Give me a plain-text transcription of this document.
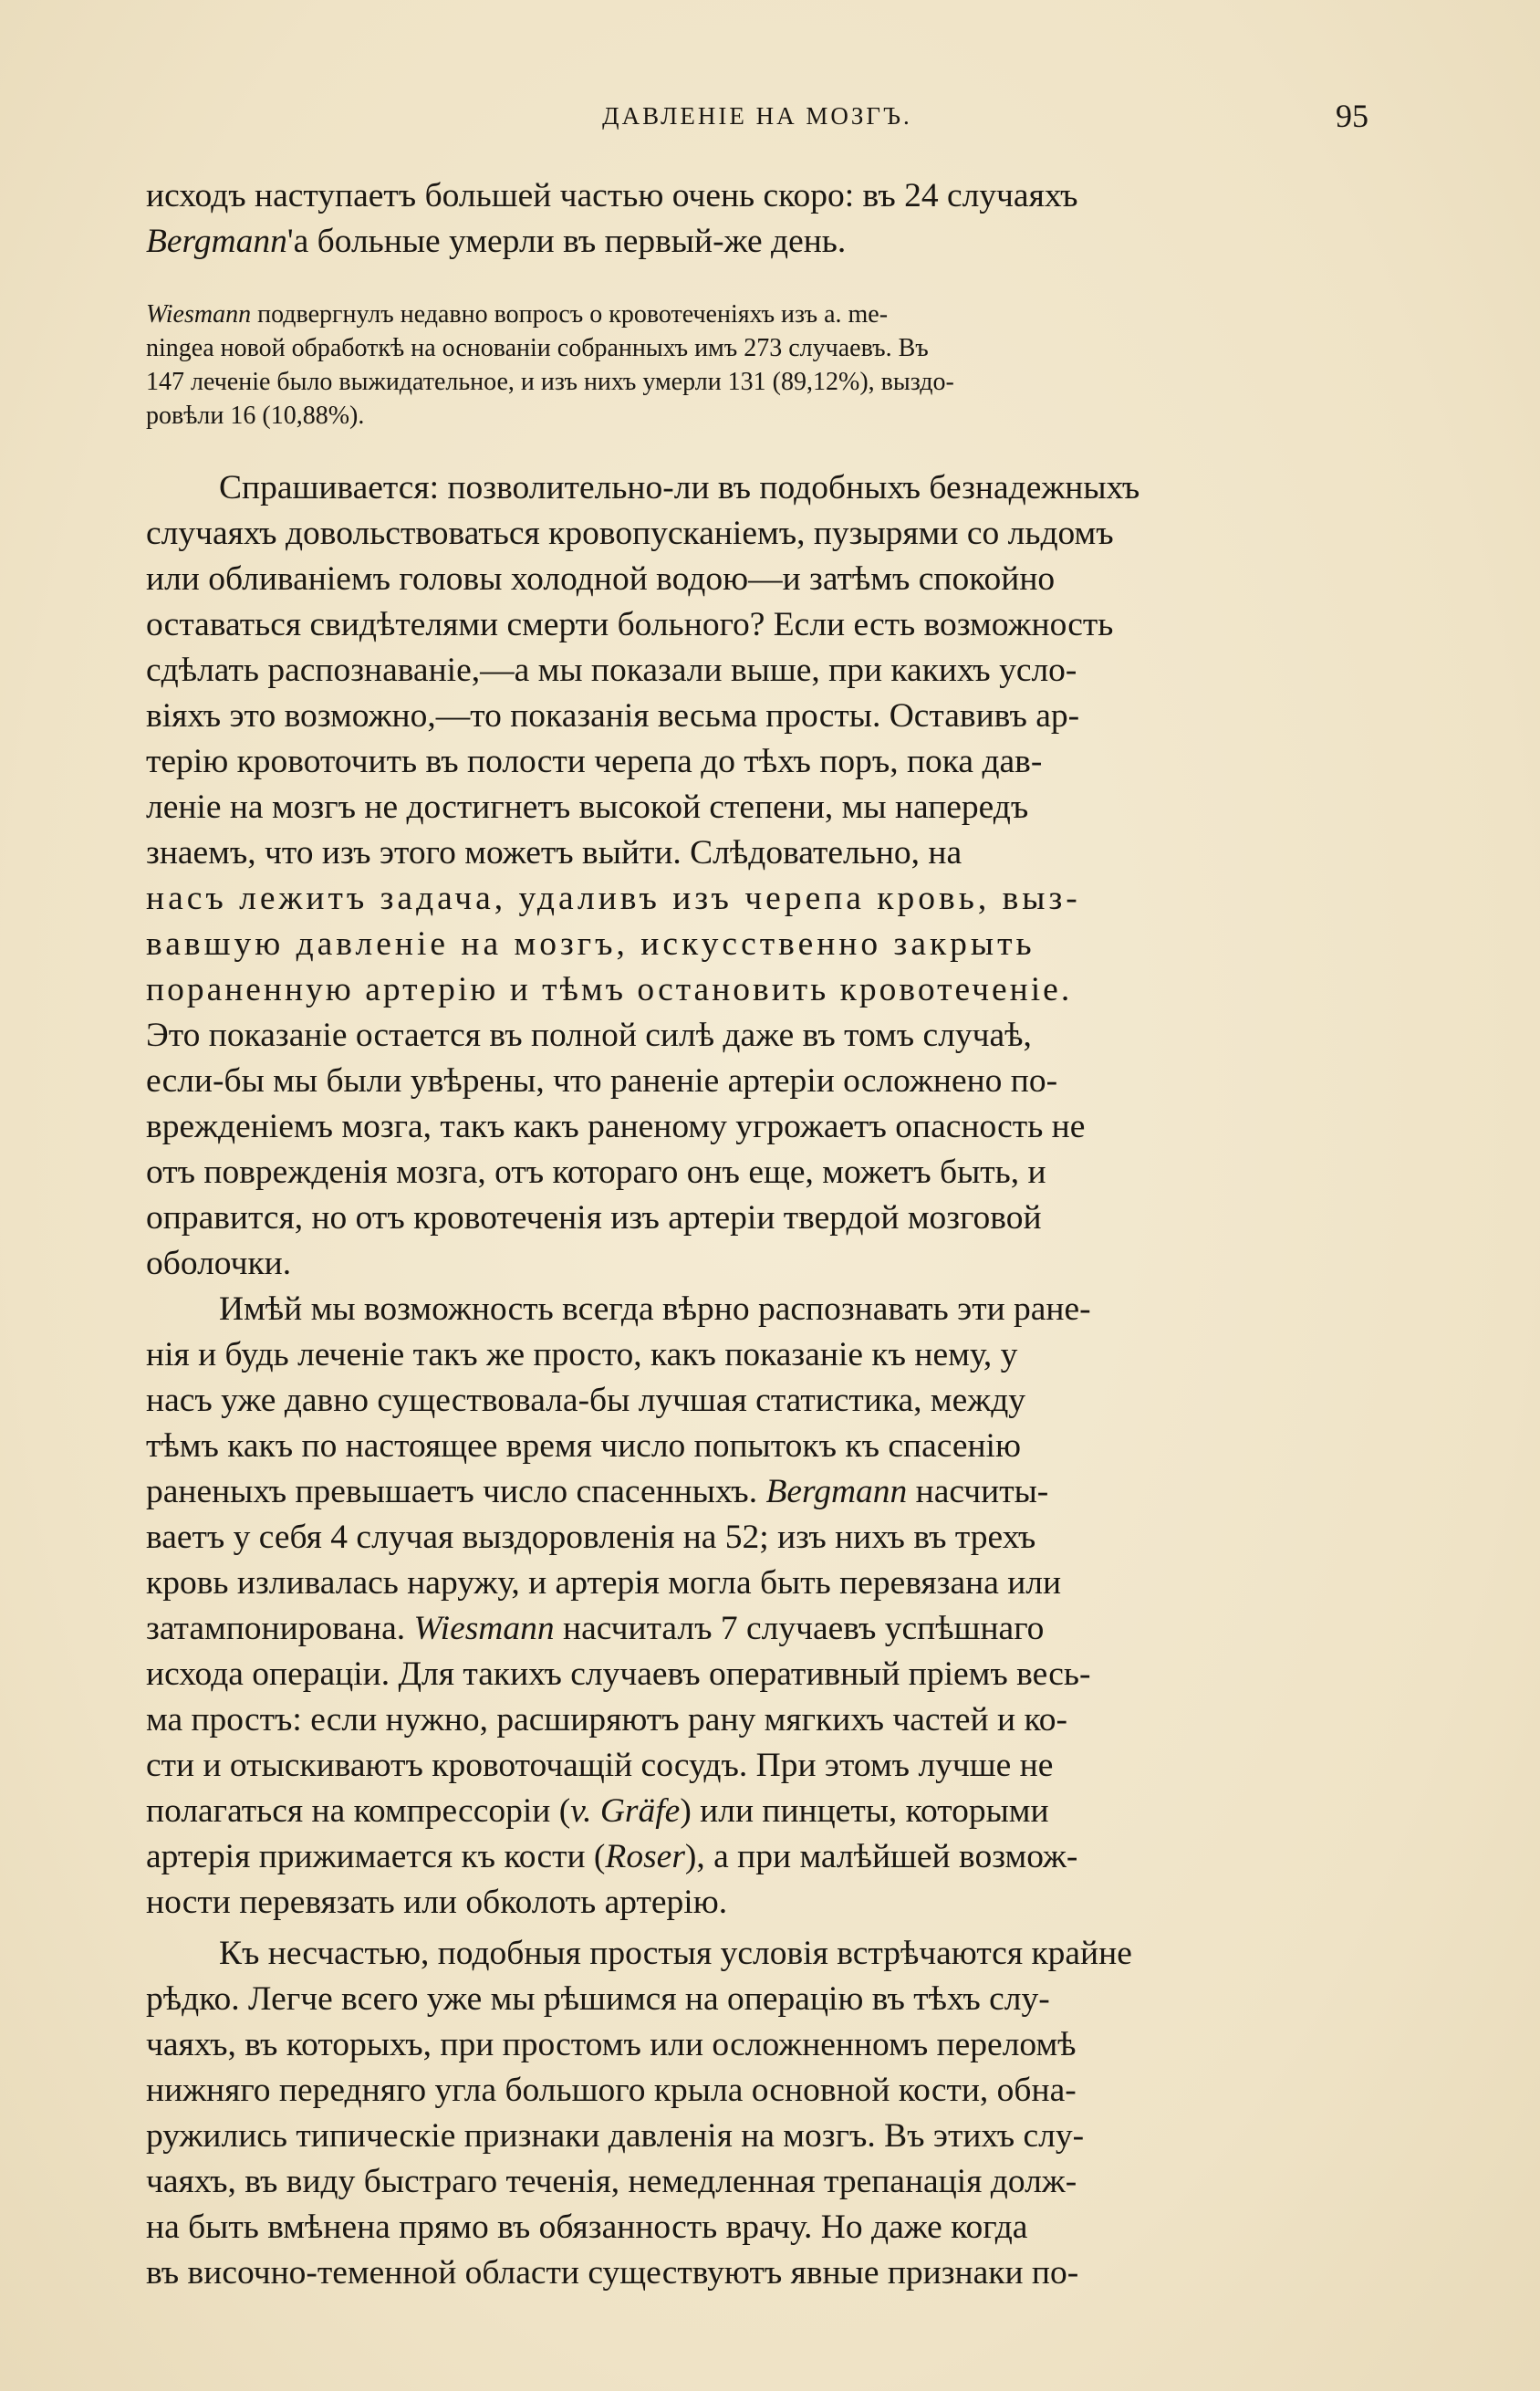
ДАВЛЕНІЕ НА МОЗГЪ.	95

исходъ наступаетъ большей частью очень скоро: въ 24 случаяхъ
Bergmann'а больные умерли въ первый-же день.

Wiesmann подвергнулъ недавно вопросъ о кровотеченіяхъ изъ a. me-
ningea новой обработкѣ на основаніи собранныхъ имъ 273 случаевъ. Въ
147 леченіе было выжидательное, и изъ нихъ умерли 131 (89,12%), выздо-
ровѣли 16 (10,88%).

Спрашивается: позволительно-ли въ подобныхъ безнадежныхъ
случаяхъ довольствоваться кровопусканіемъ, пузырями со льдомъ
или обливаніемъ головы холодной водою—и затѣмъ спокойно
оставаться свидѣтелями смерти больного? Если есть возможность
сдѣлать распознаваніе,—а мы показали выше, при какихъ усло-
віяхъ это возможно,—то показанія весьма просты. Оставивъ ар-
терію кровоточить въ полости черепа до тѣхъ поръ, пока дав-
леніе на мозгъ не достигнетъ высокой степени, мы напередъ
знаемъ, что изъ этого можетъ выйти. Слѣдовательно, на
насъ лежитъ задача, удаливъ изъ черепа кровь, выз-
вавшую давленіе на мозгъ, искусственно закрыть
пораненную артерію и тѣмъ остановить кровотеченіе.
Это показаніе остается въ полной силѣ даже въ томъ случаѣ,
если-бы мы были увѣрены, что раненіе артеріи осложнено по-
врежденіемъ мозга, такъ какъ раненому угрожаетъ опасность не
отъ поврежденія мозга, отъ котораго онъ еще, можетъ быть, и
оправится, но отъ кровотеченія изъ артеріи твердой мозговой
оболочки.

Имѣй мы возможность всегда вѣрно распознавать эти ране-
нія и будь леченіе такъ же просто, какъ показаніе къ нему, у
насъ уже давно существовала-бы лучшая статистика, между
тѣмъ какъ по настоящее время число попытокъ къ спасенію
раненыхъ превышаетъ число спасенныхъ. Bergmann насчиты-
ваетъ у себя 4 случая выздоровленія на 52; изъ нихъ въ трехъ
кровь изливалась наружу, и артерія могла быть перевязана или
затампонирована. Wiesmann насчиталъ 7 случаевъ успѣшнаго
исхода операціи. Для такихъ случаевъ оперативный пріемъ весь-
ма простъ: если нужно, расширяютъ рану мягкихъ частей и ко-
сти и отыскиваютъ кровоточащій сосудъ. При этомъ лучше не
полагаться на компрессоріи (v. Gräfe) или пинцеты, которыми
артерія прижимается къ кости (Roser), а при малѣйшей возмож-
ности перевязать или обколоть артерію.

Къ несчастью, подобныя простыя условія встрѣчаются крайне
рѣдко. Легче всего уже мы рѣшимся на операцію въ тѣхъ слу-
чаяхъ, въ которыхъ, при простомъ или осложненномъ переломѣ
нижняго передняго угла большого крыла основной кости, обна-
ружились типическіе признаки давленія на мозгъ. Въ этихъ слу-
чаяхъ, въ виду быстраго теченія, немедленная трепанація долж-
на быть вмѣнена прямо въ обязанность врачу. Но даже когда
въ височно-теменной области существуютъ явные признаки по-
